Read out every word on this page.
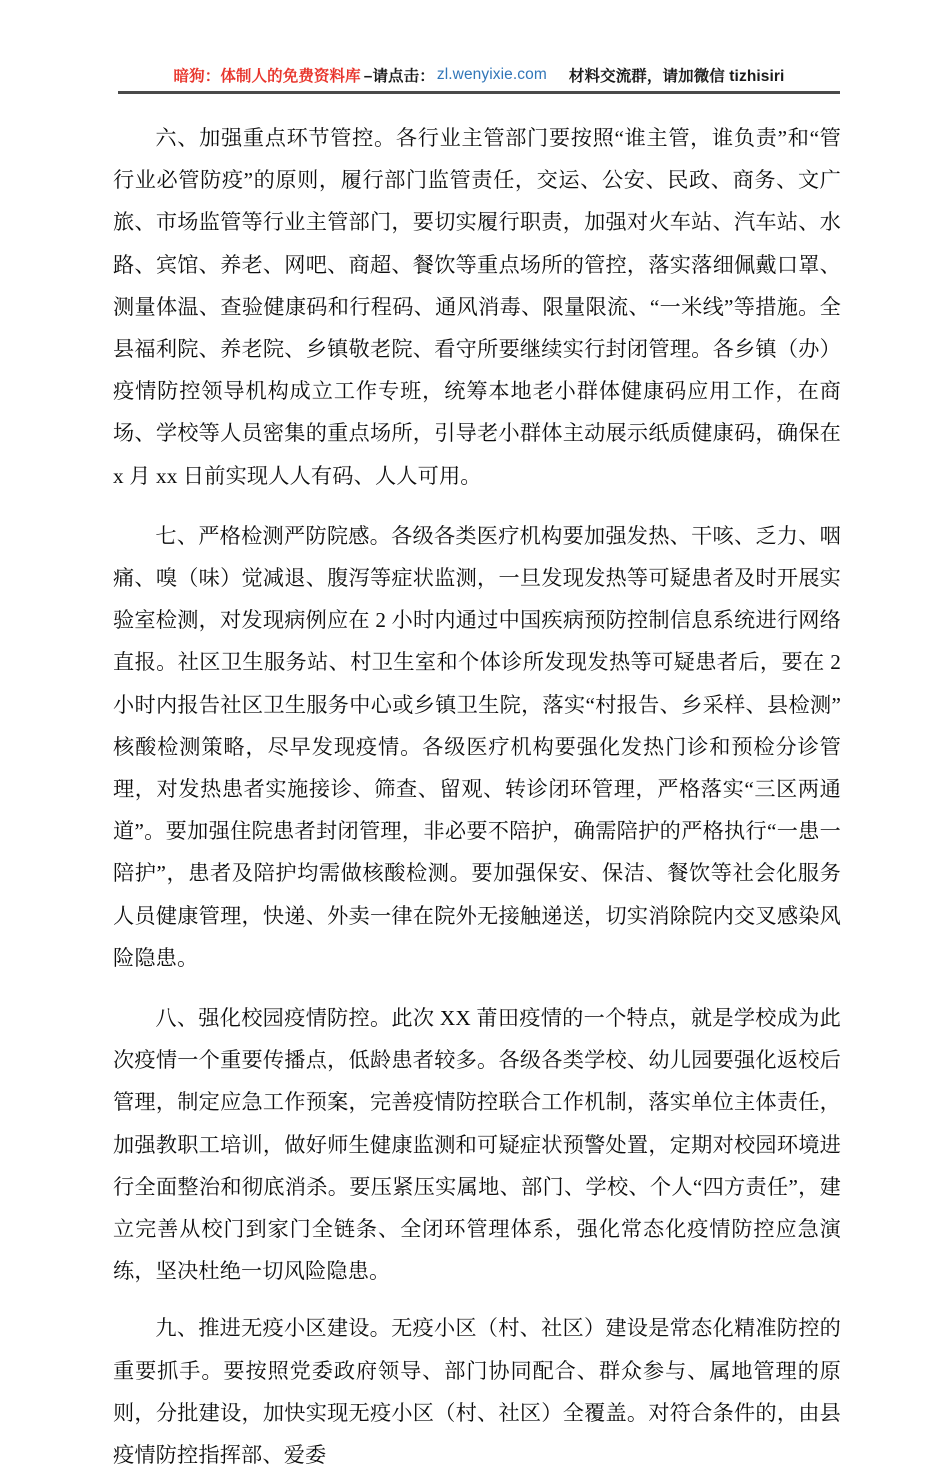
暗狗：体制人的免费资料库 –请点击： zl.wenyixie.com 材料交流群，请加微信 tizhisiri

六、加强重点环节管控。各行业主管部门要按照“谁主管，谁负责”和“管行业必管防疫”的原则，履行部门监管责任，交运、公安、民政、商务、文广旅、市场监管等行业主管部门，要切实履行职责，加强对火车站、汽车站、水路、宾馆、养老、网吧、商超、餐饮等重点场所的管控，落实落细佩戴口罩、测量体温、查验健康码和行程码、通风消毒、限量限流、“一米线”等措施。全县福利院、养老院、乡镇敬老院、看守所要继续实行封闭管理。各乡镇（办）疫情防控领导机构成立工作专班，统筹本地老小群体健康码应用工作，在商场、学校等人员密集的重点场所，引导老小群体主动展示纸质健康码，确保在 x 月 xx 日前实现人人有码、人人可用。

七、严格检测严防院感。各级各类医疗机构要加强发热、干咳、乏力、咽痛、嗅（味）觉减退、腹泻等症状监测，一旦发现发热等可疑患者及时开展实验室检测，对发现病例应在 2 小时内通过中国疾病预防控制信息系统进行网络直报。社区卫生服务站、村卫生室和个体诊所发现发热等可疑患者后，要在 2 小时内报告社区卫生服务中心或乡镇卫生院，落实“村报告、乡采样、县检测”核酸检测策略，尽早发现疫情。各级医疗机构要强化发热门诊和预检分诊管理，对发热患者实施接诊、筛查、留观、转诊闭环管理，严格落实“三区两通道”。要加强住院患者封闭管理，非必要不陪护，确需陪护的严格执行“一患一陪护”，患者及陪护均需做核酸检测。要加强保安、保洁、餐饮等社会化服务人员健康管理，快递、外卖一律在院外无接触递送，切实消除院内交叉感染风险隐患。

八、强化校园疫情防控。此次 XX 莆田疫情的一个特点，就是学校成为此次疫情一个重要传播点，低龄患者较多。各级各类学校、幼儿园要强化返校后管理，制定应急工作预案，完善疫情防控联合工作机制，落实单位主体责任，加强教职工培训，做好师生健康监测和可疑症状预警处置，定期对校园环境进行全面整治和彻底消杀。要压紧压实属地、部门、学校、个人“四方责任”，建立完善从校门到家门全链条、全闭环管理体系，强化常态化疫情防控应急演练，坚决杜绝一切风险隐患。

九、推进无疫小区建设。无疫小区（村、社区）建设是常态化精准防控的重要抓手。要按照党委政府领导、部门协同配合、群众参与、属地管理的原则，分批建设，加快实现无疫小区（村、社区）全覆盖。对符合条件的，由县疫情防控指挥部、爱委
